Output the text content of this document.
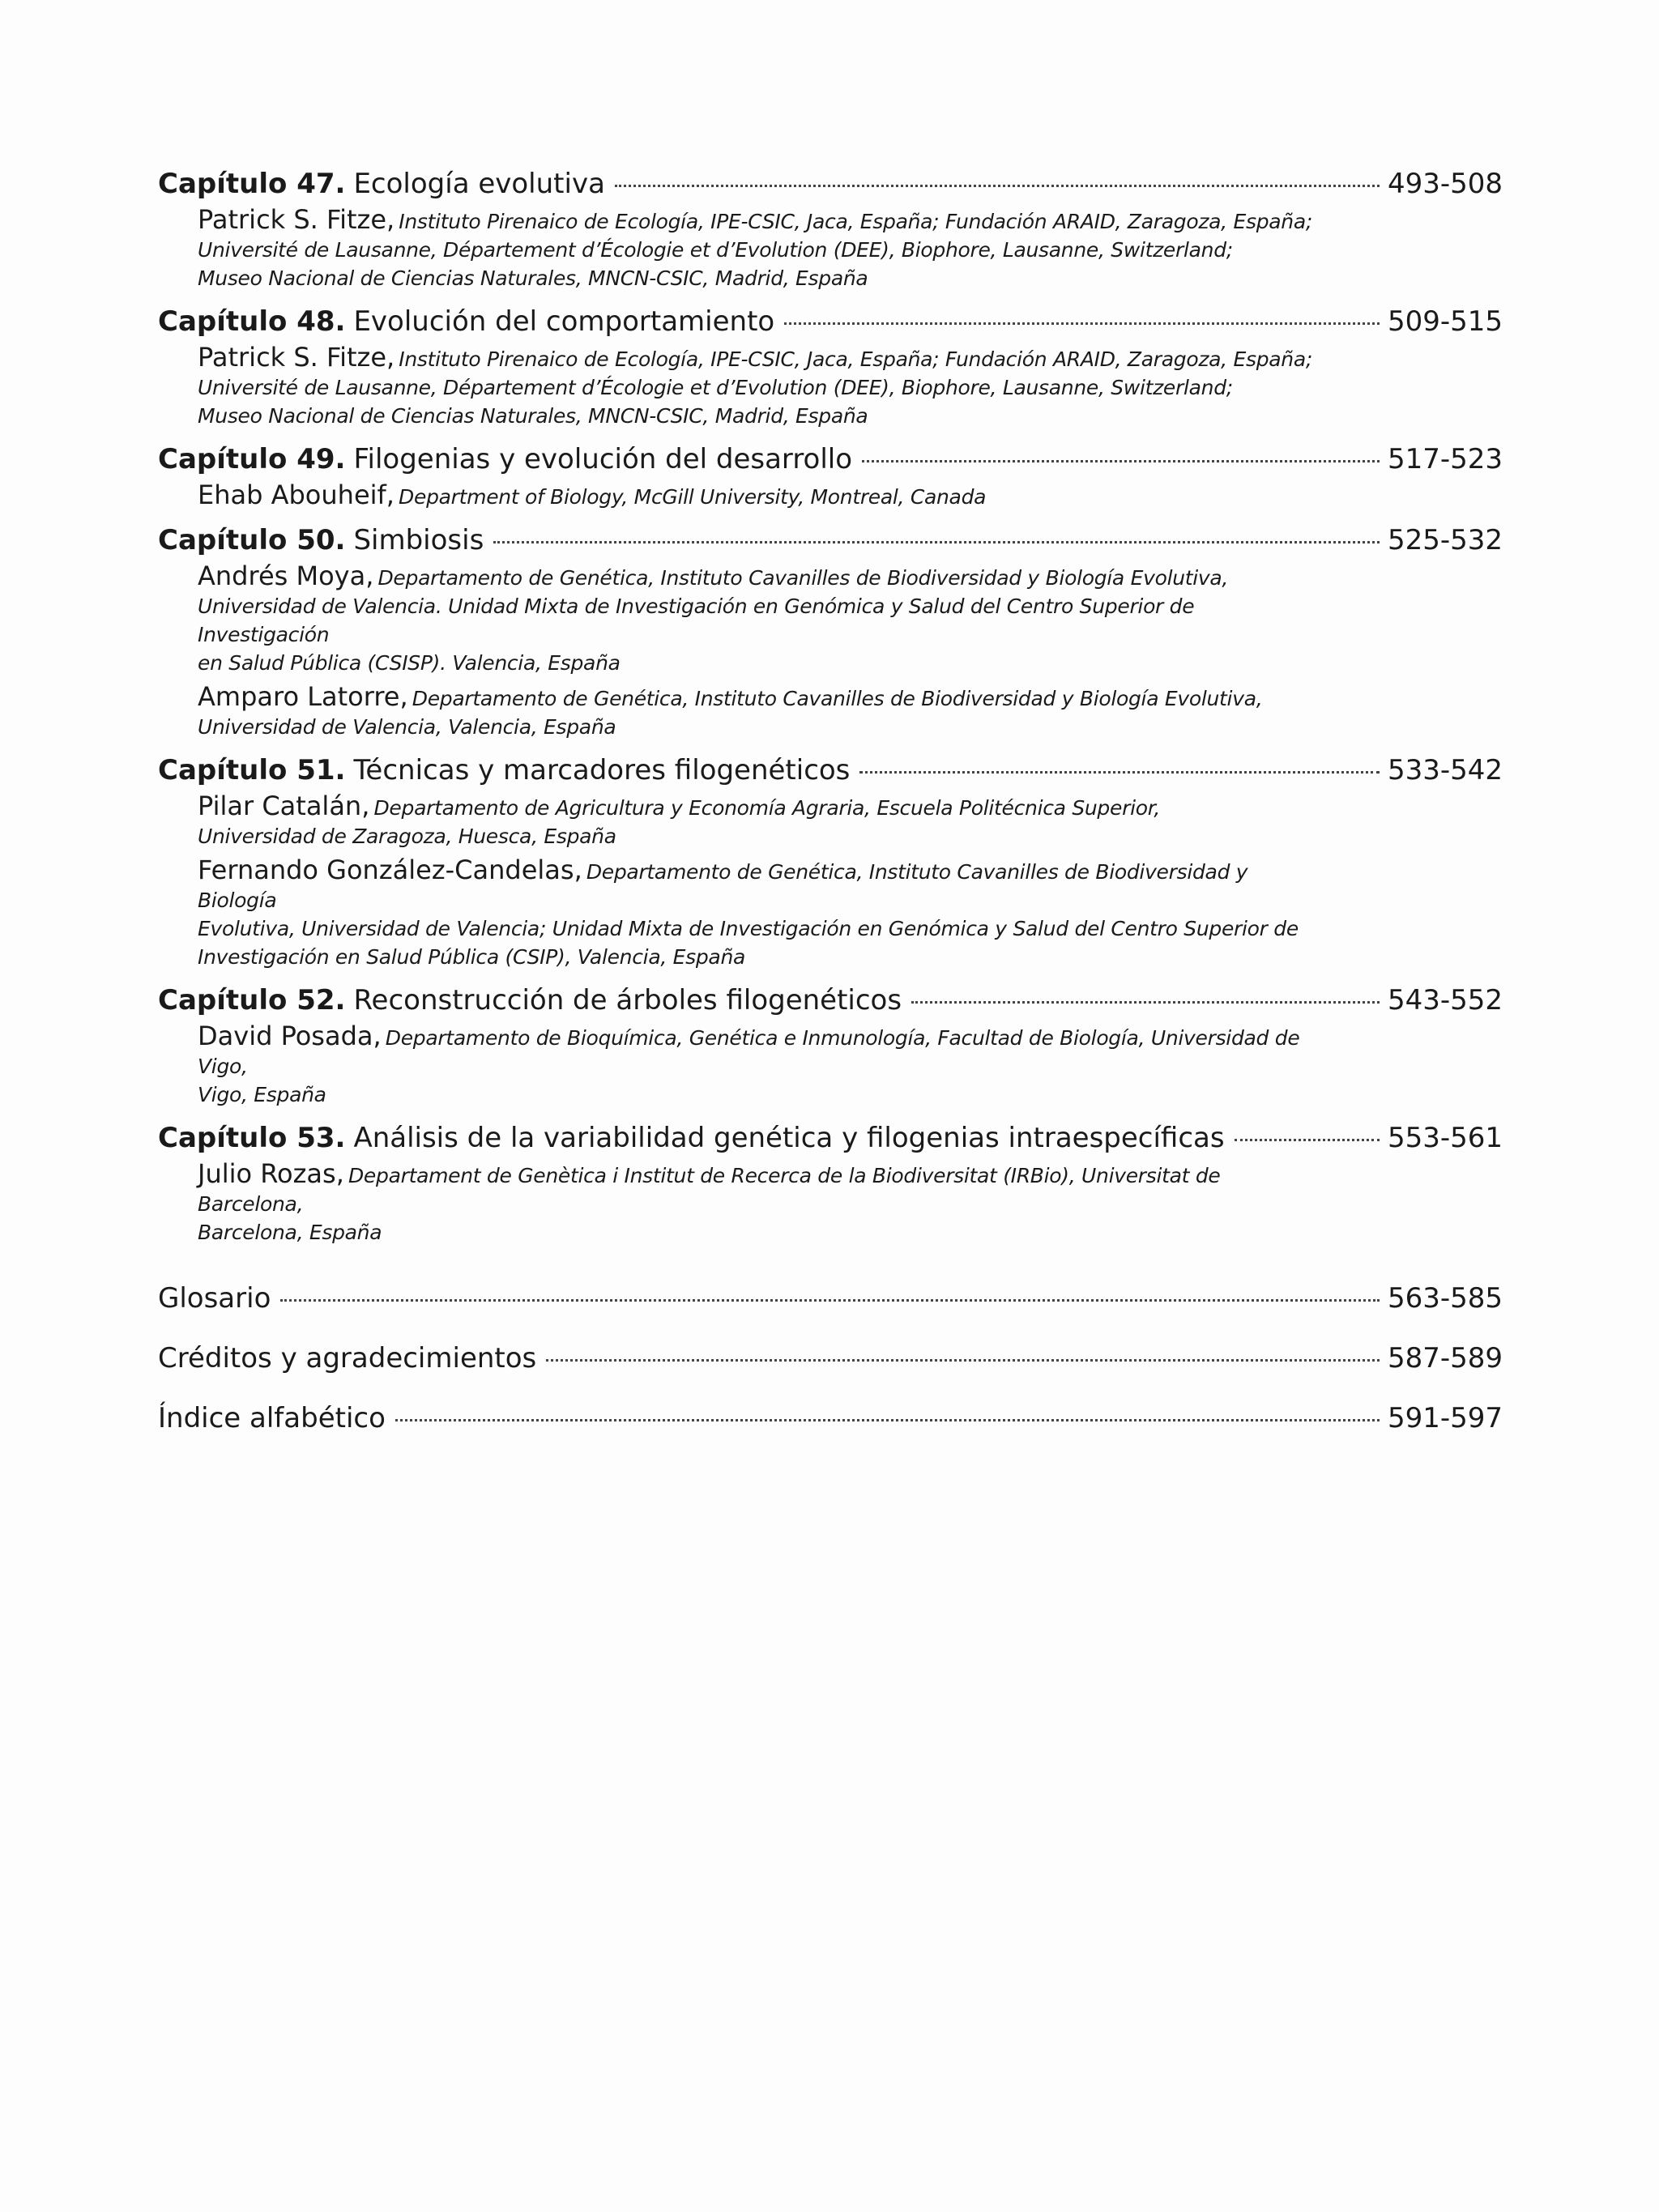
Capítulo 47. Ecología evolutiva	493-508
Patrick S. Fitze, Instituto Pirenaico de Ecología, IPE-CSIC, Jaca, España; Fundación ARAID, Zaragoza, España;
Université de Lausanne, Département d’Écologie et d’Evolution (DEE), Biophore, Lausanne, Switzerland;
Museo Nacional de Ciencias Naturales, MNCN-CSIC, Madrid, España
Capítulo 48. Evolución del comportamiento	509-515
Patrick S. Fitze, Instituto Pirenaico de Ecología, IPE-CSIC, Jaca, España; Fundación ARAID, Zaragoza, España;
Université de Lausanne, Département d’Écologie et d’Evolution (DEE), Biophore, Lausanne, Switzerland;
Museo Nacional de Ciencias Naturales, MNCN-CSIC, Madrid, España
Capítulo 49. Filogenias y evolución del desarrollo	517-523
Ehab Abouheif, Department of Biology, McGill University, Montreal, Canada
Capítulo 50. Simbiosis	525-532
Andrés Moya, Departamento de Genética, Instituto Cavanilles de Biodiversidad y Biología Evolutiva,
Universidad de Valencia. Unidad Mixta de Investigación en Genómica y Salud del Centro Superior de Investigación
en Salud Pública (CSISP). Valencia, España
Amparo Latorre, Departamento de Genética, Instituto Cavanilles de Biodiversidad y Biología Evolutiva,
Universidad de Valencia, Valencia, España
Capítulo 51. Técnicas y marcadores filogenéticos	533-542
Pilar Catalán, Departamento de Agricultura y Economía Agraria, Escuela Politécnica Superior,
Universidad de Zaragoza, Huesca, España
Fernando González-Candelas, Departamento de Genética, Instituto Cavanilles de Biodiversidad y Biología
Evolutiva, Universidad de Valencia; Unidad Mixta de Investigación en Genómica y Salud del Centro Superior de
Investigación en Salud Pública (CSIP), Valencia, España
Capítulo 52. Reconstrucción de árboles filogenéticos	543-552
David Posada, Departamento de Bioquímica, Genética e Inmunología, Facultad de Biología, Universidad de Vigo,
Vigo, España
Capítulo 53. Análisis de la variabilidad genética y filogenias intraespecíficas	553-561
Julio Rozas, Departament de Genètica i Institut de Recerca de la Biodiversitat (IRBio), Universitat de Barcelona,
Barcelona, España
Glosario	563-585
Créditos y agradecimientos	587-589
Índice alfabético	591-597
